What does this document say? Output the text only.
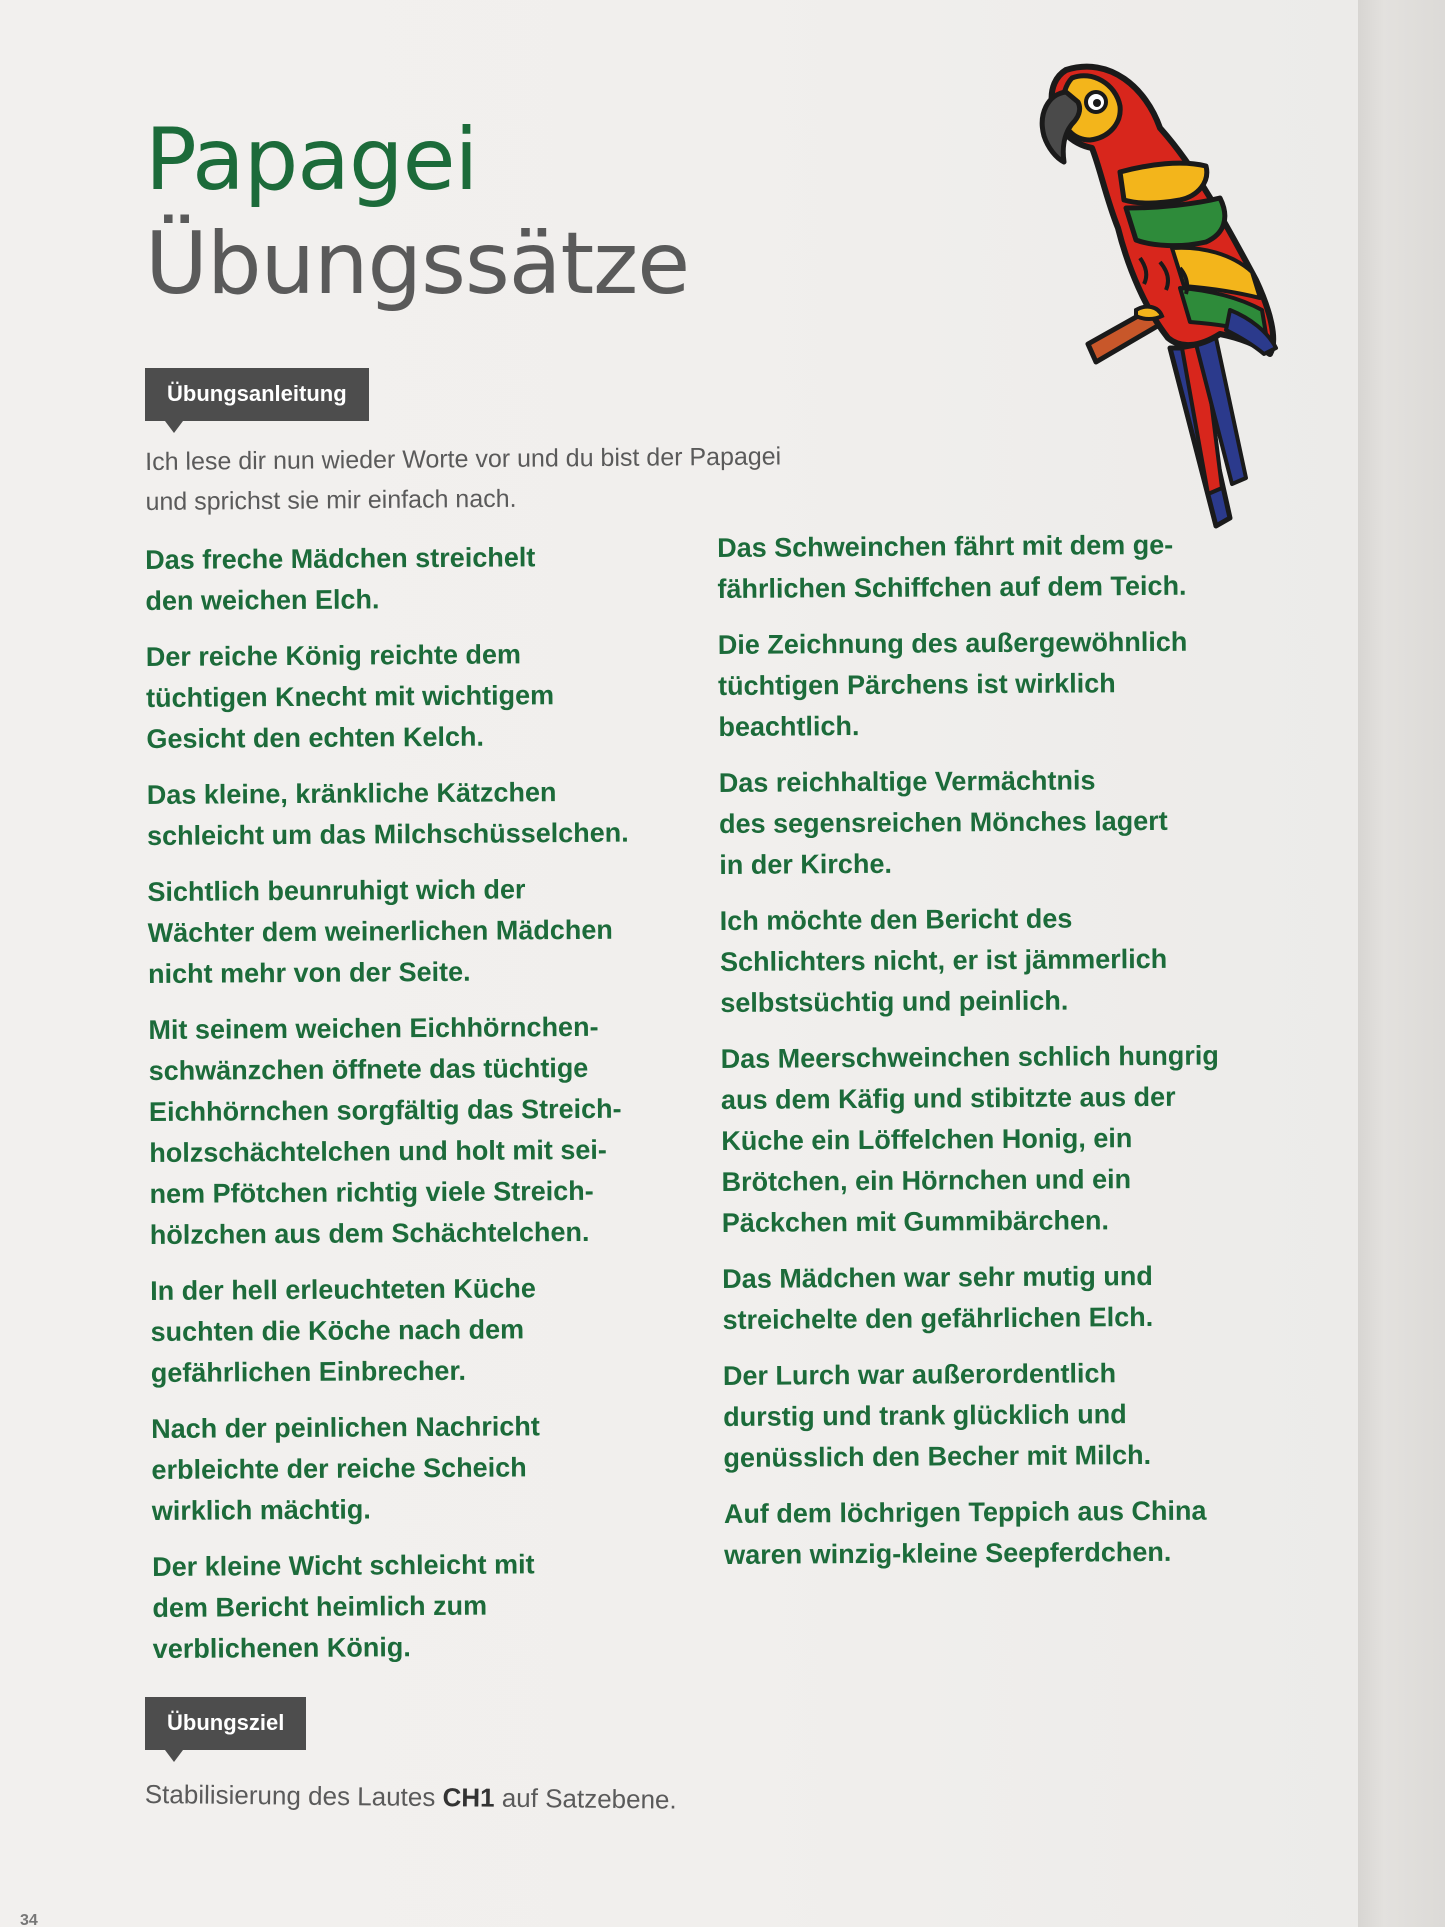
Papagei
Übungssätze
Übungsanleitung
Ich lese dir nun wieder Worte vor und du bist der Papagei
und sprichst sie mir einfach nach.

Das freche Mädchen streichelt
den weichen Elch.

Der reiche König reichte dem
tüchtigen Knecht mit wichtigem
Gesicht den echten Kelch.

Das kleine, kränkliche Kätzchen
schleicht um das Milchschüsselchen.

Sichtlich beunruhigt wich der
Wächter dem weinerlichen Mädchen
nicht mehr von der Seite.

Mit seinem weichen Eichhörnchen-
schwänzchen öffnete das tüchtige
Eichhörnchen sorgfältig das Streich-
holzschächtelchen und holt mit sei-
nem Pfötchen richtig viele Streich-
hölzchen aus dem Schächtelchen.

In der hell erleuchteten Küche
suchten die Köche nach dem
gefährlichen Einbrecher.

Nach der peinlichen Nachricht
erbleichte der reiche Scheich
wirklich mächtig.

Der kleine Wicht schleicht mit
dem Bericht heimlich zum
verblichenen König.

Das Schweinchen fährt mit dem ge-
fährlichen Schiffchen auf dem Teich.

Die Zeichnung des außergewöhnlich
tüchtigen Pärchens ist wirklich
beachtlich.

Das reichhaltige Vermächtnis
des segensreichen Mönches lagert
in der Kirche.

Ich möchte den Bericht des
Schlichters nicht, er ist jämmerlich
selbstsüchtig und peinlich.

Das Meerschweinchen schlich hungrig
aus dem Käfig und stibitzte aus der
Küche ein Löffelchen Honig, ein
Brötchen, ein Hörnchen und ein
Päckchen mit Gummibärchen.

Das Mädchen war sehr mutig und
streichelte den gefährlichen Elch.

Der Lurch war außerordentlich
durstig und trank glücklich und
genüsslich den Becher mit Milch.

Auf dem löchrigen Teppich aus China
waren winzig-kleine Seepferdchen.

Übungsziel
Stabilisierung des Lautes CH1 auf Satzebene.
34
